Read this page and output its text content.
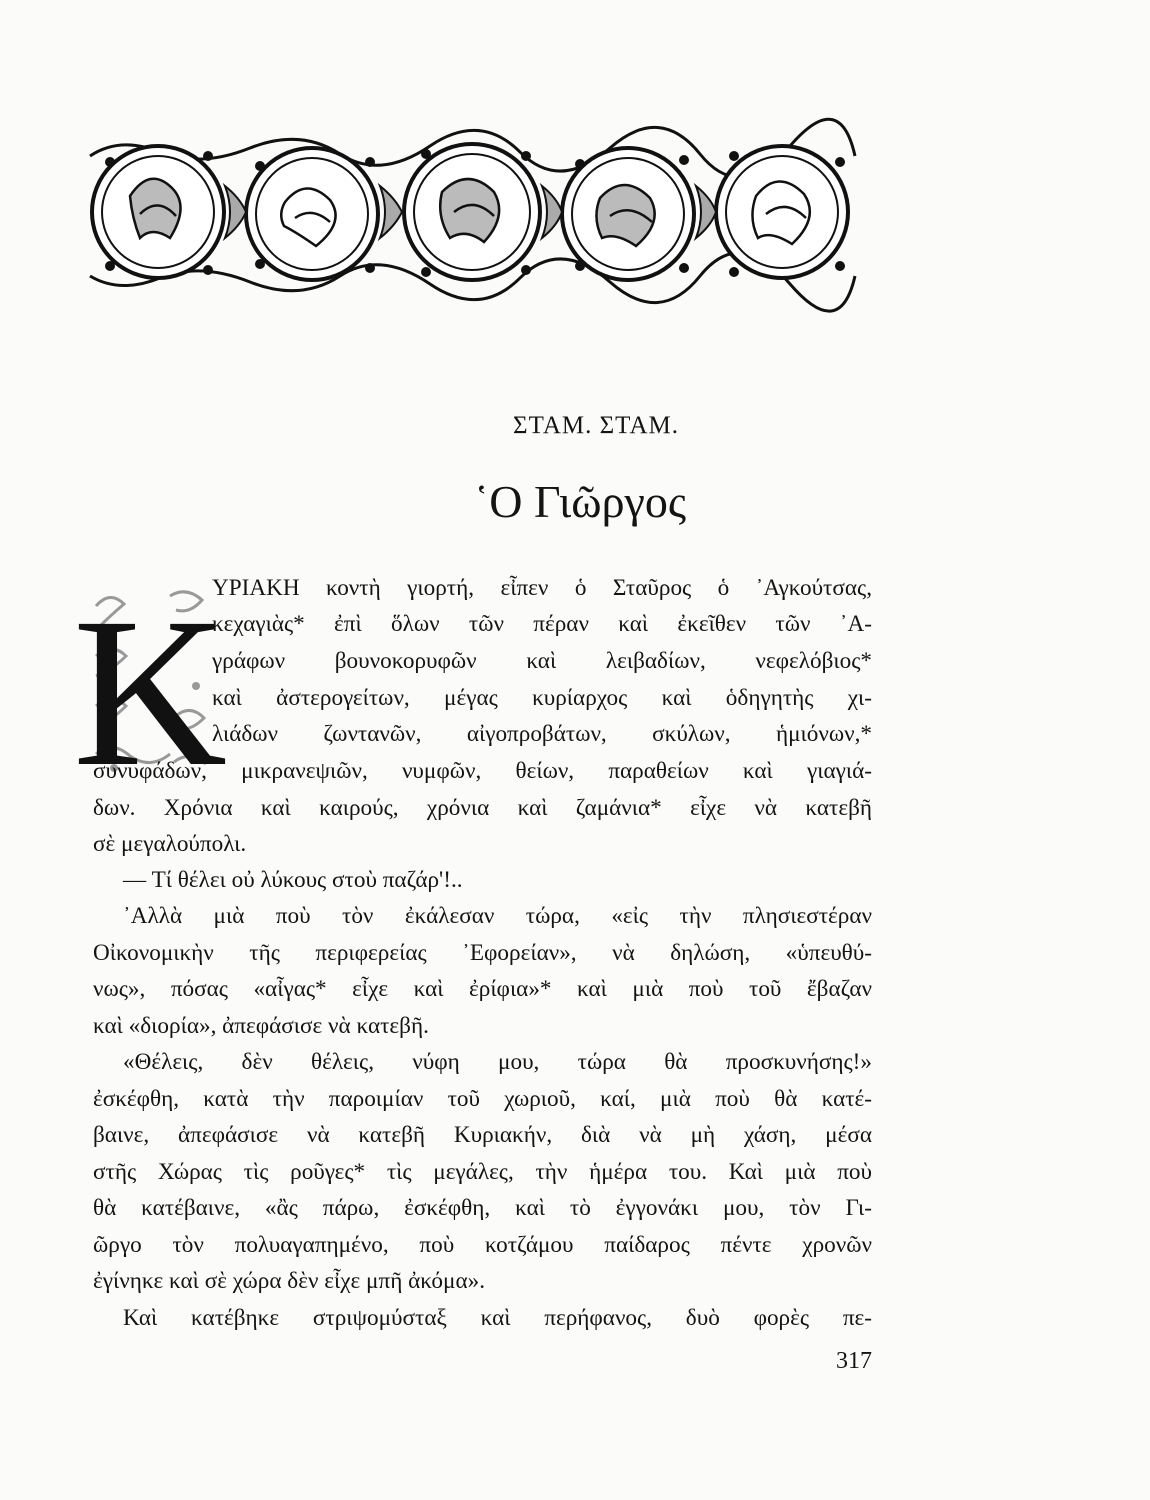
ΣΤΑΜ. ΣΤΑΜ.
῾Ο Γιῶργος
Κ
ΥΡΙΑΚΗ κοντὴ γιορτή, εἶπεν ὁ Σταῦρος ὁ ᾿Αγκούτσας,
κεχαγιὰς* ἐπὶ ὅλων τῶν πέραν καὶ ἐκεῖθεν τῶν ᾿Α-
γράφων βουνοκορυφῶν καὶ λειβαδίων, νεφελόβιος*
καὶ ἀστερογείτων, μέγας κυρίαρχος καὶ ὁδηγητὴς χι-
λιάδων ζωντανῶν, αἰγοπροβάτων, σκύλων, ἡμιόνων,*
συνυφάδων, μικρανεψιῶν, νυμφῶν, θείων, παραθείων καὶ γιαγιά-
δων. Χρόνια καὶ καιρούς, χρόνια καὶ ζαμάνια* εἶχε νὰ κατεβῆ
σὲ μεγαλούπολι.
— Τί θέλει οὐ λύκους στοὺ παζάρ'!..
᾿Αλλὰ μιὰ ποὺ τὸν ἐκάλεσαν τώρα, «εἰς τὴν πλησιεστέραν
Οἰκονομικὴν τῆς περιφερείας ᾿Εφορείαν», νὰ δηλώση, «ὑπευθύ-
νως», πόσας «αἶγας* εἶχε καὶ ἐρίφια»* καὶ μιὰ ποὺ τοῦ ἔβαζαν
καὶ «διορία», ἀπεφάσισε νὰ κατεβῆ.
«Θέλεις, δὲν θέλεις, νύφη μου, τώρα θὰ προσκυνήσης!»
ἐσκέφθη, κατὰ τὴν παροιμίαν τοῦ χωριοῦ, καί, μιὰ ποὺ θὰ κατέ-
βαινε, ἀπεφάσισε νὰ κατεβῆ Κυριακήν, διὰ νὰ μὴ χάση, μέσα
στῆς Χώρας τὶς ροῦγες* τὶς μεγάλες, τὴν ἡμέρα του. Καὶ μιὰ ποὺ
θὰ κατέβαινε, «ἂς πάρω, ἐσκέφθη, καὶ τὸ ἐγγονάκι μου, τὸν Γι-
ῶργο τὸν πολυαγαπημένο, ποὺ κοτζάμου παίδαρος πέντε χρονῶν
ἐγίνηκε καὶ σὲ χώρα δὲν εἶχε μπῆ ἀκόμα».
Καὶ κατέβηκε στριψομύσταξ καὶ περήφανος, δυὸ φορὲς πε-
317
